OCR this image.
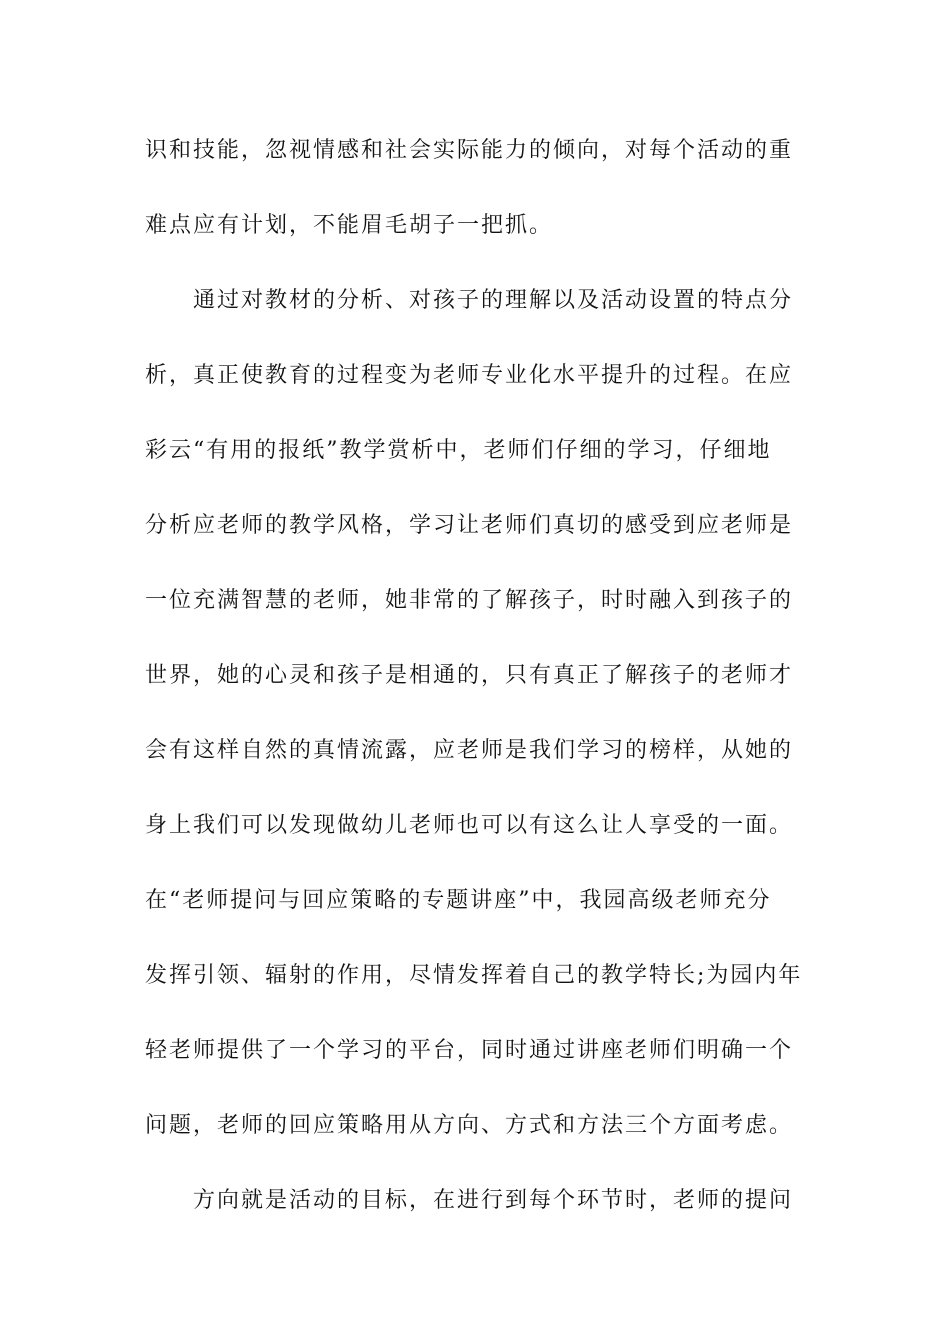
识和技能，忽视情感和社会实际能力的倾向，对每个活动的重
难点应有计划，不能眉毛胡子一把抓。
通过对教材的分析、对孩子的理解以及活动设置的特点分
析，真正使教育的过程变为老师专业化水平提升的过程。在应
彩云“有用的报纸”教学赏析中，老师们仔细的学习，仔细地
分析应老师的教学风格，学习让老师们真切的感受到应老师是
一位充满智慧的老师，她非常的了解孩子，时时融入到孩子的
世界，她的心灵和孩子是相通的，只有真正了解孩子的老师才
会有这样自然的真情流露，应老师是我们学习的榜样，从她的
身上我们可以发现做幼儿老师也可以有这么让人享受的一面。
在“老师提问与回应策略的专题讲座”中，我园高级老师充分
发挥引领、辐射的作用，尽情发挥着自己的教学特长;为园内年
轻老师提供了一个学习的平台，同时通过讲座老师们明确一个
问题，老师的回应策略用从方向、方式和方法三个方面考虑。
方向就是活动的目标，在进行到每个环节时，老师的提问
